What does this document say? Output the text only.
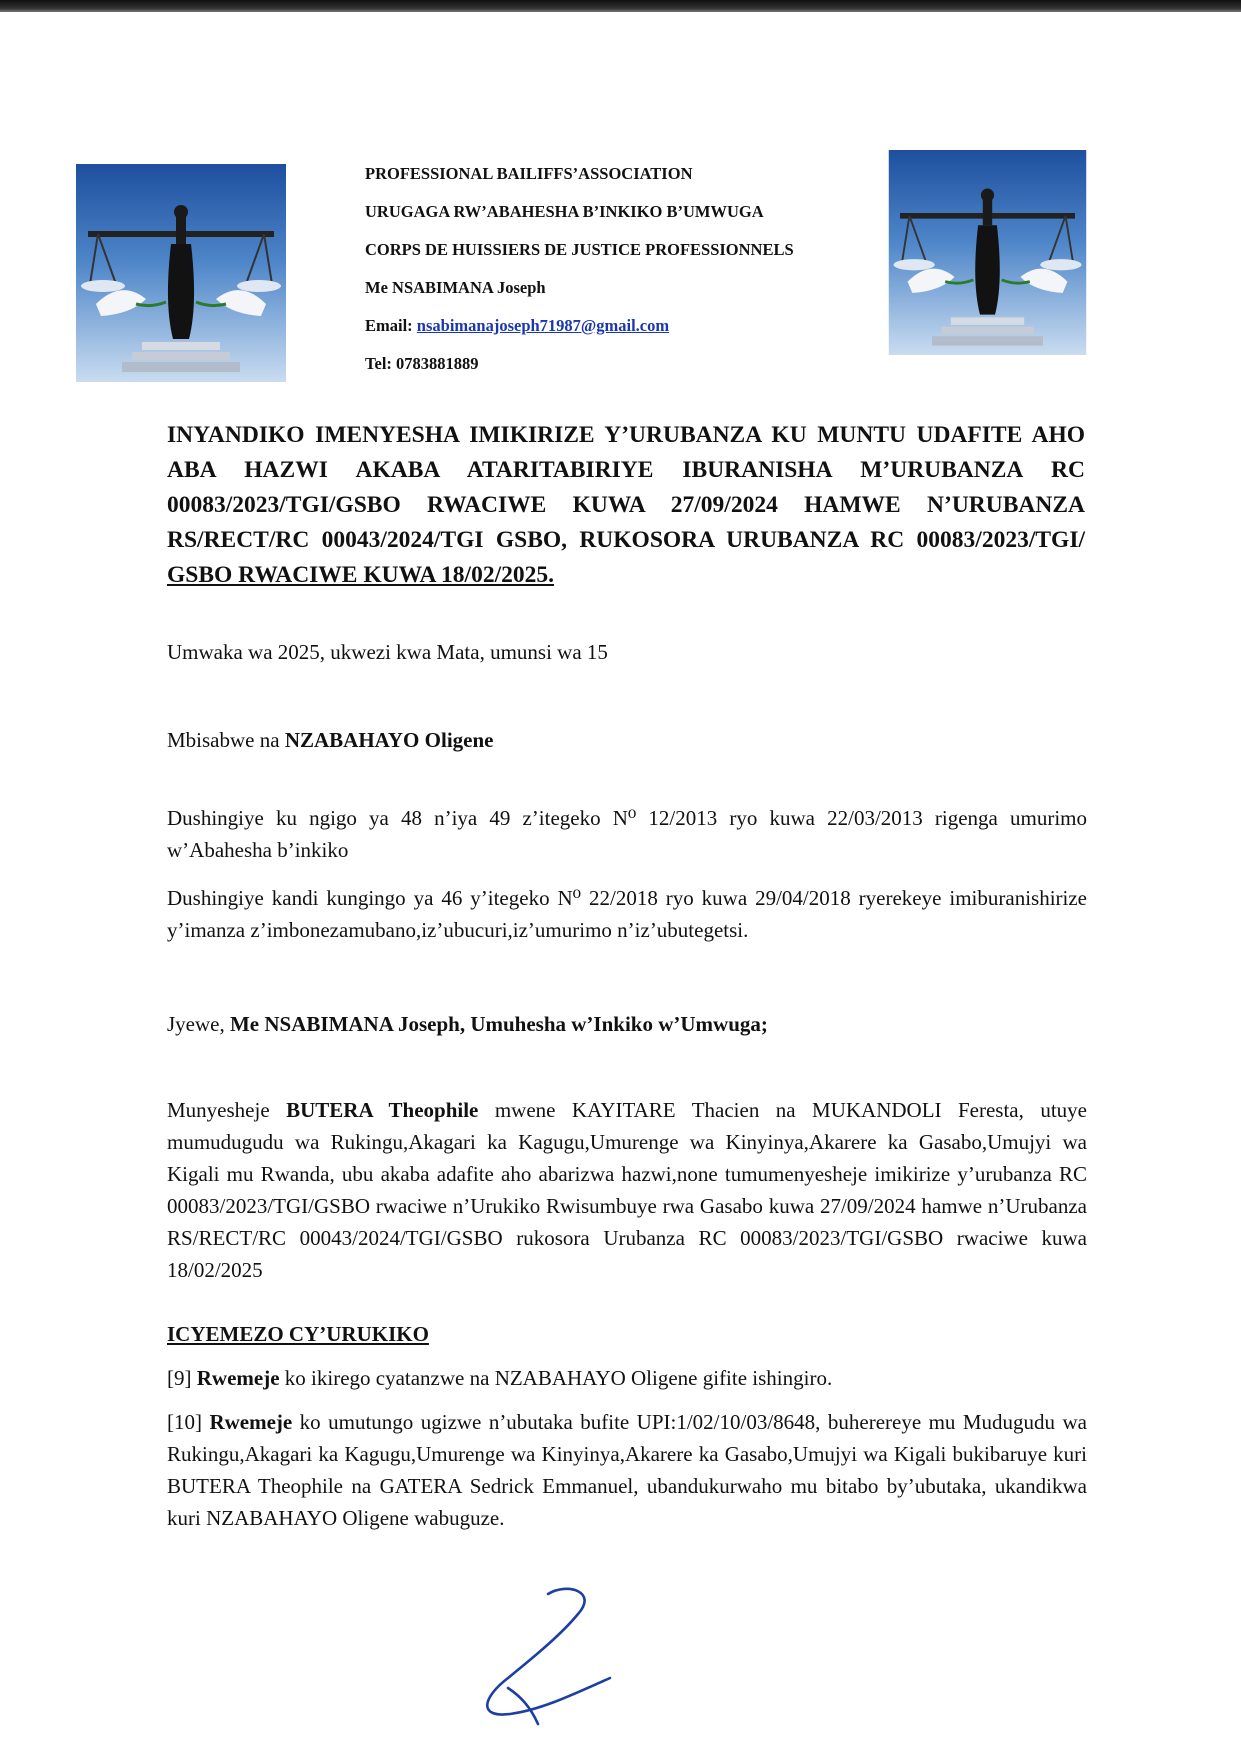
PROFESSIONAL BAILIFFS’ASSOCIATION
URUGAGA RW’ABAHESHA B’INKIKO B’UMWUGA
CORPS DE HUISSIERS DE JUSTICE PROFESSIONNELS
Me NSABIMANA Joseph
Email: nsabimanajoseph71987@gmail.com
Tel: 0783881889
INYANDIKO IMENYESHA IMIKIRIZE Y’URUBANZA KU MUNTU UDAFITE AHO ABA HAZWI AKABA ATARITABIRIYE IBURANISHA M’URUBANZA RC 00083/2023/TGI/GSBO RWACIWE KUWA 27/09/2024 HAMWE N’URUBANZA RS/RECT/RC 00043/2024/TGI GSBO, RUKOSORA URUBANZA RC 00083/2023/TGI/ GSBO RWACIWE KUWA 18/02/2025.
Umwaka wa 2025, ukwezi kwa Mata, umunsi wa 15
Mbisabwe na NZABAHAYO Oligene
Dushingiye ku ngigo ya 48 n’iya 49 z’itegeko N⁰ 12/2013 ryo kuwa 22/03/2013 rigenga umurimo w’Abahesha b’inkiko
Dushingiye kandi kungingo ya 46 y’itegeko N⁰ 22/2018 ryo kuwa 29/04/2018 ryerekeye imiburanishirize y’imanza z’imbonezamubano,iz’ubucuri,iz’umurimo n’iz’ubutegetsi.
Jyewe, Me NSABIMANA Joseph, Umuhesha w’Inkiko w’Umwuga;
Munyesheje BUTERA Theophile mwene KAYITARE Thacien na MUKANDOLI Feresta, utuye mumudugudu wa Rukingu,Akagari ka Kagugu,Umurenge wa Kinyinya,Akarere ka Gasabo,Umujyi wa Kigali mu Rwanda, ubu akaba adafite aho abarizwa hazwi,none tumumenyesheje imikirize y’urubanza RC 00083/2023/TGI/GSBO rwaciwe n’Urukiko Rwisumbuye rwa Gasabo kuwa 27/09/2024 hamwe n’Urubanza RS/RECT/RC 00043/2024/TGI/GSBO rukosora Urubanza RC 00083/2023/TGI/GSBO rwaciwe kuwa 18/02/2025
ICYEMEZO CY’URUKIKO
[9] Rwemeje ko ikirego cyatanzwe na NZABAHAYO Oligene gifite ishingiro.
[10] Rwemeje ko umutungo ugizwe n’ubutaka bufite UPI:1/02/10/03/8648, buherereye mu Mudugudu wa Rukingu,Akagari ka Kagugu,Umurenge wa Kinyinya,Akarere ka Gasabo,Umujyi wa Kigali bukibaruye kuri BUTERA Theophile na GATERA Sedrick Emmanuel, ubandukurwaho mu bitabo by’ubutaka, ukandikwa kuri NZABAHAYO Oligene wabuguze.
